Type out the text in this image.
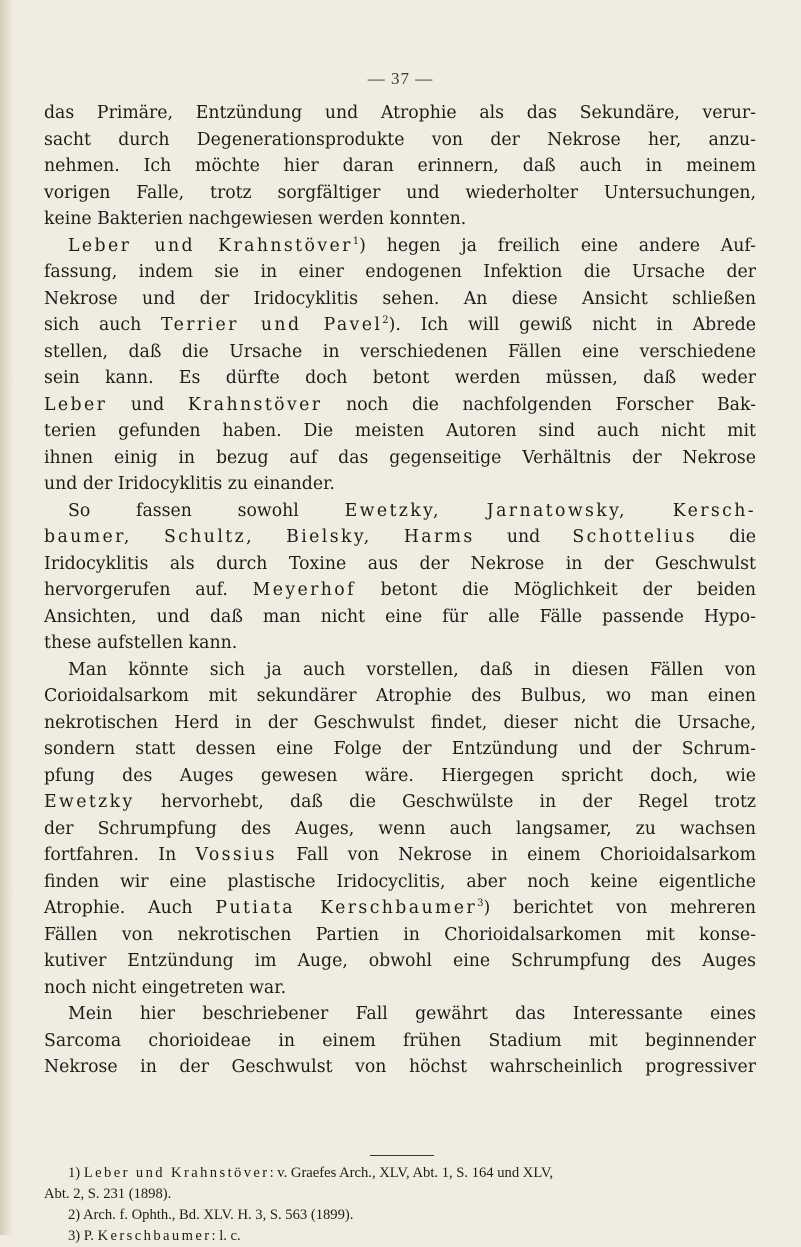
— 37 —

das Primäre, Entzündung und Atrophie als das Sekundäre, verur-

sacht durch Degenerationsprodukte von der Nekrose her, anzu-

nehmen. Ich möchte hier daran erinnern, daß auch in meinem

vorigen Falle, trotz sorgfältiger und wiederholter Untersuchungen,

keine Bakterien nachgewiesen werden konnten.

Leber und Krahnstöver$^1$) hegen ja freilich eine andere Auf-

fassung, indem sie in einer endogenen Infektion die Ursache der

Nekrose und der Iridocyklitis sehen. An diese Ansicht schließen

sich auch Terrier und Pavel$^2$). Ich will gewiß nicht in Abrede

stellen, daß die Ursache in verschiedenen Fällen eine verschiedene

sein kann. Es dürfte doch betont werden müssen, daß weder

Leber und Krahnstöver noch die nachfolgenden Forscher Bak-

terien gefunden haben. Die meisten Autoren sind auch nicht mit

ihnen einig in bezug auf das gegenseitige Verhältnis der Nekrose

und der Iridocyklitis zu einander.

So fassen sowohl Ewetzky,	Jarnatowsky,	Kersch-

baumer, Schultz, Bielsky, Harms und Schottelius die

Iridocyklitis als durch Toxine aus der Nekrose in der Geschwulst

hervorgerufen auf. Meyerhof betont die Möglichkeit der beiden

Ansichten, und daß man nicht eine für alle Fälle passende Hypo-

these aufstellen kann.

Man könnte sich ja auch vorstellen, daß in diesen Fällen von

Corioidalsarkom mit sekundärer Atrophie des Bulbus, wo man einen

nekrotischen Herd in der Geschwulst findet, dieser nicht die Ursache,

sondern statt dessen eine Folge der Entzündung und der Schrum-

pfung des Auges gewesen wäre. Hiergegen spricht doch, wie

Ewetzky hervorhebt, daß die Geschwülste in der Regel trotz

der Schrumpfung des Auges, wenn auch langsamer, zu wachsen

fortfahren. In Vossius Fall von Nekrose in einem Chorioidalsarkom

finden wir eine plastische Iridocyclitis, aber noch keine eigentliche

Atrophie. Auch Putiata Kerschbaumer$^3$) berichtet von mehreren

Fällen von nekrotischen Partien in Chorioidalsarkomen mit konse-

kutiver Entzündung im Auge, obwohl eine Schrumpfung des Auges

noch nicht eingetreten war.

Mein hier beschriebener Fall gewährt das Interessante eines

Sarcoma chorioideae in einem frühen Stadium mit beginnender

Nekrose in der Geschwulst von höchst wahrscheinlich progressiver

1) Leber und Krahnstöver: v. Graefes Arch., XLV, Abt. 1, S. 164 und XLV,
Abt. 2, S. 231 (1898).
2) Arch. f. Ophth., Bd. XLV. H. 3, S. 563 (1899).
3) P. Kerschbaumer: l. c.
